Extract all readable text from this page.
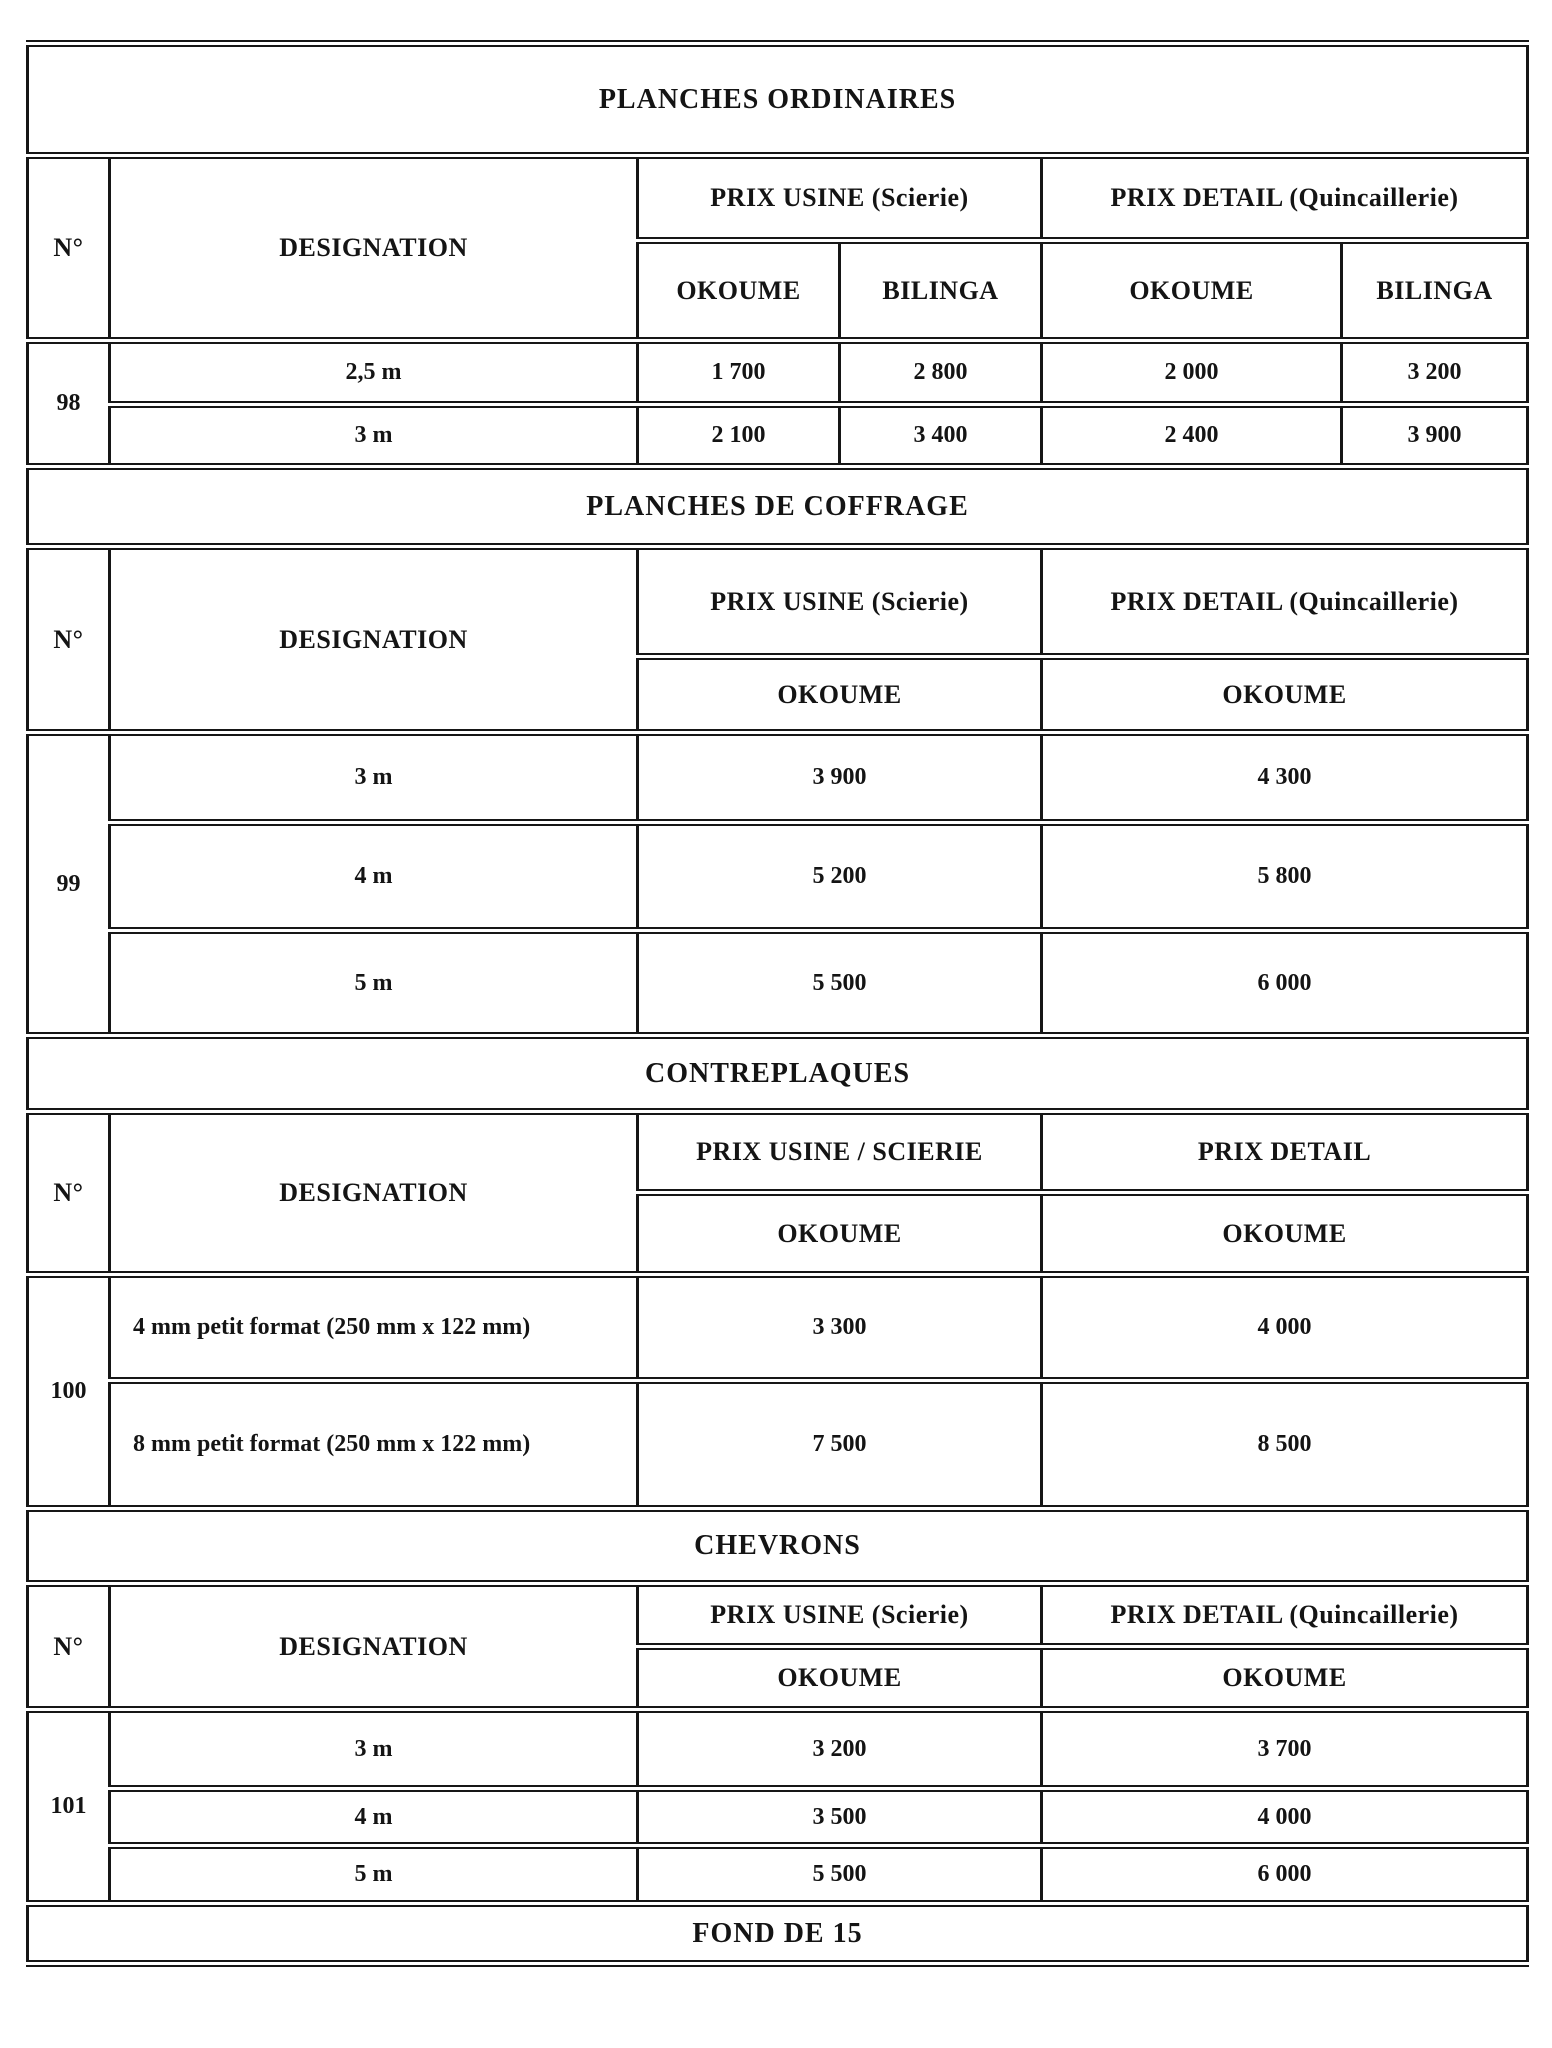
PLANCHES ORDINAIRES					
N°	DESIGNATION	PRIX USINE (Scierie)		PRIX DETAIL (Quincaillerie)	
		OKOUME	BILINGA	OKOUME	BILINGA
98	2,5 m	1 700	2 800	2 000	3 200
	3 m	2 100	3 400	2 400	3 900
PLANCHES DE COFFRAGE					
N°	DESIGNATION	PRIX USINE (Scierie)		PRIX DETAIL (Quincaillerie)	
		OKOUME		OKOUME	
99	3 m	3 900		4 300	
	4 m	5 200		5 800	
	5 m	5 500		6 000	
CONTREPLAQUES					
N°	DESIGNATION	PRIX USINE / SCIERIE		PRIX DETAIL	
		OKOUME		OKOUME	
100	4 mm petit format (250 mm x 122 mm)	3 300		4 000	
	8 mm petit format (250 mm x 122 mm)	7 500		8 500	
CHEVRONS					
N°	DESIGNATION	PRIX USINE (Scierie)		PRIX DETAIL (Quincaillerie)	
		OKOUME		OKOUME	
101	3 m	3 200		3 700	
	4 m	3 500		4 000	
	5 m	5 500		6 000	
FOND DE 15					
